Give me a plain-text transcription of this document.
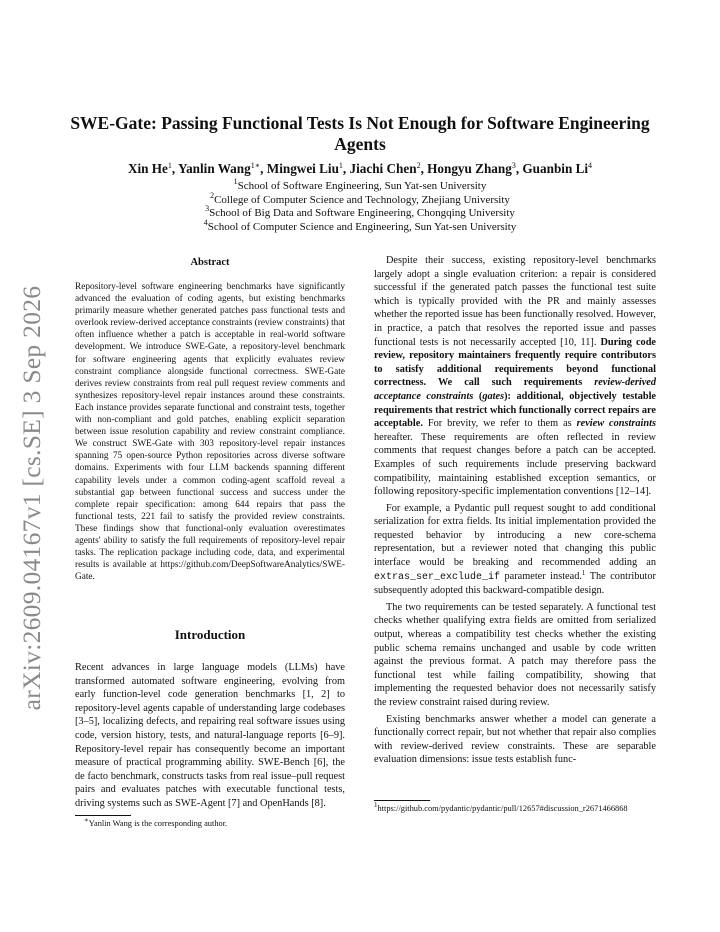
arXiv:2609.04167v1 [cs.SE] 3 Sep 2026
SWE-Gate: Passing Functional Tests Is Not Enough for Software Engineering Agents
Xin He$^1$, Yanlin Wang$^{1∗}$, Mingwei Liu$^1$, Jiachi Chen$^2$, Hongyu Zhang$^3$, Guanbin Li$^4$
$^1$School of Software Engineering, Sun Yat-sen University
$^2$College of Computer Science and Technology, Zhejiang University
$^3$School of Big Data and Software Engineering, Chongqing University
$^4$School of Computer Science and Engineering, Sun Yat-sen University
Abstract

Repository-level software engineering benchmarks have significantly advanced the evaluation of coding agents, but existing benchmarks primarily measure whether generated patches pass functional tests and overlook review-derived acceptance constraints (review constraints) that often influence whether a patch is acceptable in real-world software development. We introduce SWE-Gate, a repository-level benchmark for software engineering agents that explicitly evaluates review constraint compliance alongside functional correctness. SWE-Gate derives review constraints from real pull request review comments and synthesizes repository-level repair instances around these constraints. Each instance provides separate functional and constraint tests, together with non-compliant and gold patches, enabling explicit separation between issue resolution capability and review constraint compliance. We construct SWE-Gate with 303 repository-level repair instances spanning 75 open-source Python repositories across diverse software domains. Experiments with four LLM backends spanning different capability levels under a common coding-agent scaffold reveal a substantial gap between functional success and success under the complete repair specification: among 644 repairs that pass the functional tests, 221 fail to satisfy the provided review constraints. These findings show that functional-only evaluation overestimates agents' ability to satisfy the full requirements of repository-level repair tasks. The replication package including code, data, and experimental results is available at https://github.com/DeepSoftwareAnalytics/SWE-Gate.

Introduction

Recent advances in large language models (LLMs) have transformed automated software engineering, evolving from early function-level code generation benchmarks [1, 2] to repository-level agents capable of understanding large codebases [3–5], localizing defects, and repairing real software issues using code, version history, tests, and natural-language reports [6–9]. Repository-level repair has consequently become an important measure of practical programming ability. SWE-Bench [6], the de facto benchmark, constructs tasks from real issue–pull request pairs and evaluates patches with executable functional tests, driving systems such as SWE-Agent [7] and OpenHands [8].

∗Yanlin Wang is the corresponding author.

Despite their success, existing repository-level benchmarks largely adopt a single evaluation criterion: a repair is considered successful if the generated patch passes the functional test suite which is typically provided with the PR and mainly assesses whether the reported issue has been functionally resolved. However, in practice, a patch that resolves the reported issue and passes functional tests is not necessarily accepted [10, 11]. During code review, repository maintainers frequently require contributors to satisfy additional requirements beyond functional correctness. We call such requirements review-derived acceptance constraints (gates): additional, objectively testable requirements that restrict which functionally correct repairs are acceptable. For brevity, we refer to them as review constraints hereafter. These requirements are often reflected in review comments that request changes before a patch can be accepted. Examples of such requirements include preserving backward compatibility, maintaining established exception semantics, or following repository-specific implementation conventions [12–14].

For example, a Pydantic pull request sought to add conditional serialization for extra fields. Its initial implementation provided the requested behavior by introducing a new core-schema representation, but a reviewer noted that changing this public interface would be breaking and recommended adding an extras_ser_exclude_if parameter instead.$^1$ The contributor subsequently adopted this backward-compatible design.

The two requirements can be tested separately. A functional test checks whether qualifying extra fields are omitted from serialized output, whereas a compatibility test checks whether the existing public schema remains unchanged and usable by code written against the previous format. A patch may therefore pass the functional test while failing compatibility, showing that implementing the requested behavior does not necessarily satisfy the review constraint raised during review.

Existing benchmarks answer whether a model can generate a functionally correct repair, but not whether that repair also complies with review-derived review constraints. These are separable evaluation dimensions: issue tests establish func-

$^1$https://github.com/pydantic/pydantic/pull/12657#discussion_r2671466868
